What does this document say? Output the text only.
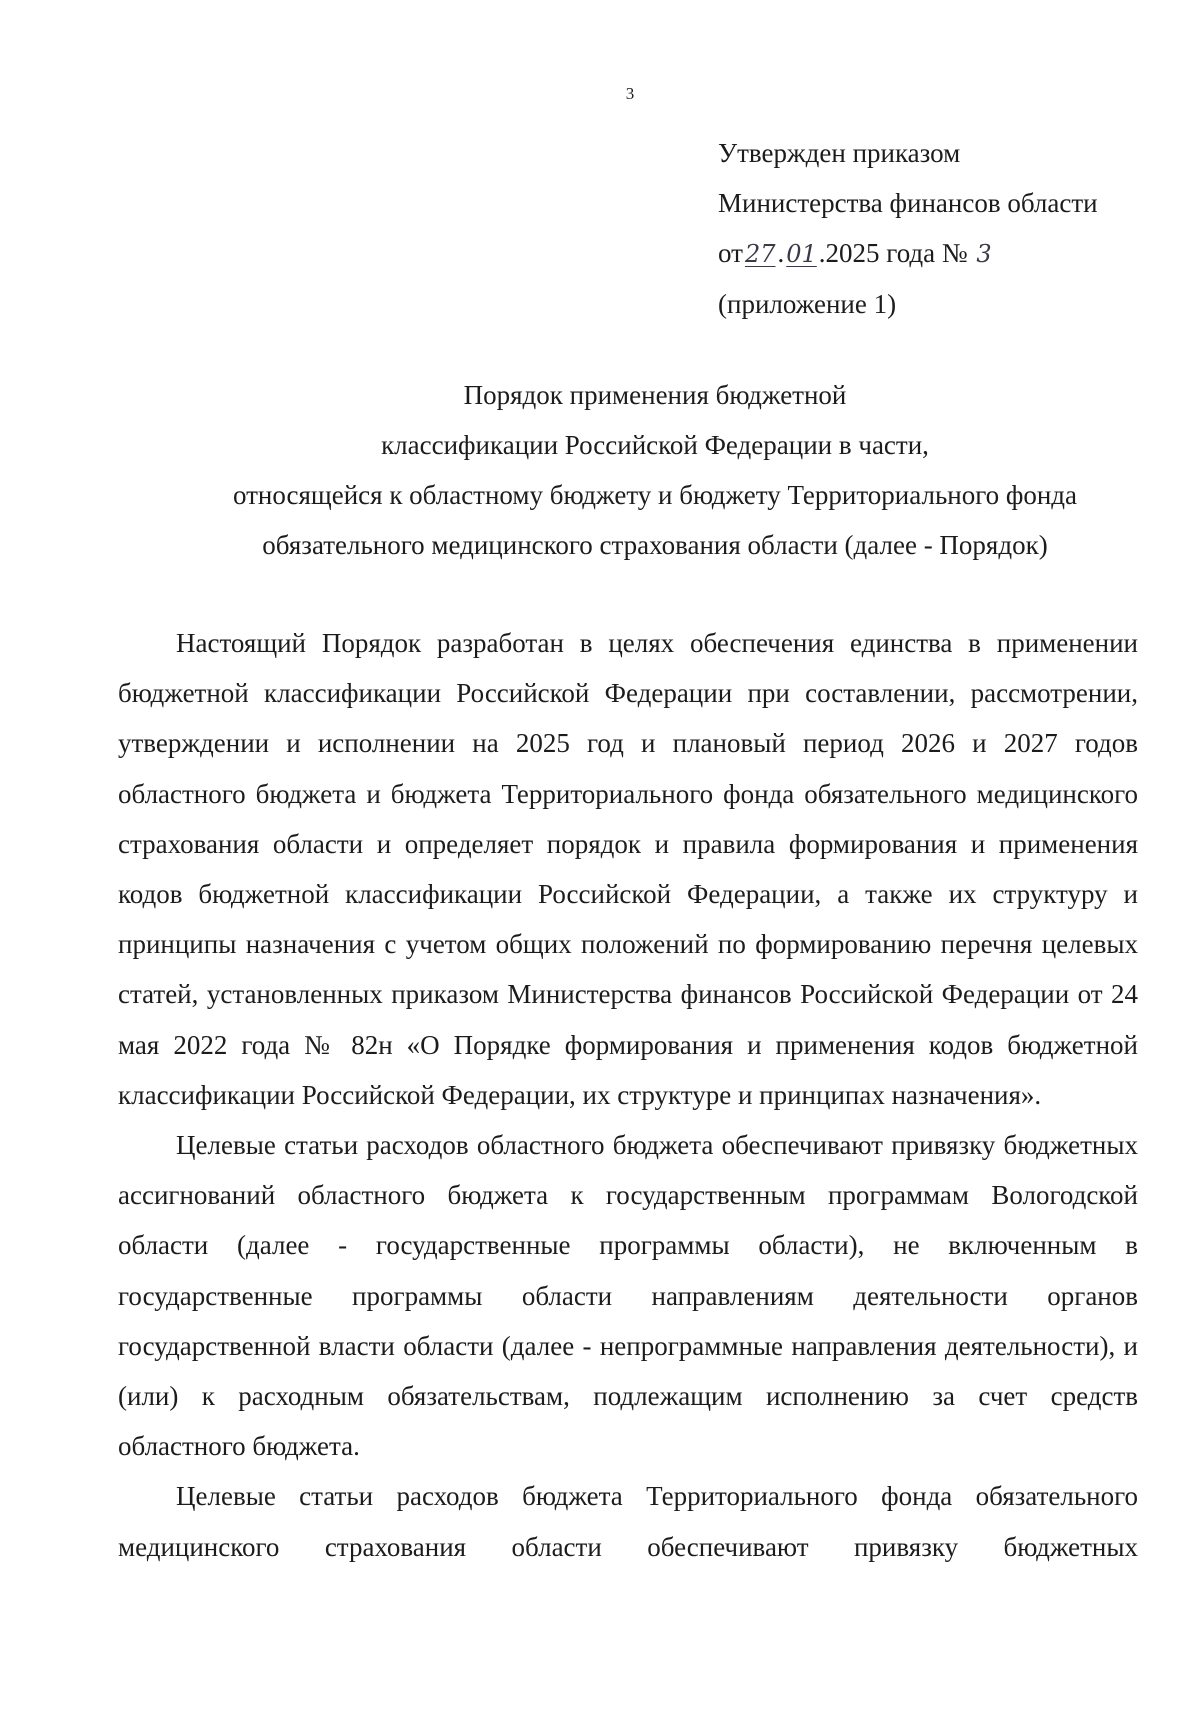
3
Утвержден приказом
Министерства финансов области
от27.01.2025 года № 3
(приложение 1)
Порядок применения бюджетной
классификации Российской Федерации в части,
относящейся к областному бюджету и бюджету Территориального фонда
обязательного медицинского страхования области (далее - Порядок)

Настоящий Порядок разработан в целях обеспечения единства в применении бюджетной классификации Российской Федерации при составлении, рассмотрении, утверждении и исполнении на 2025 год и плановый период 2026 и 2027 годов областного бюджета и бюджета Территориального фонда обязательного медицинского страхования области и определяет порядок и правила формирования и применения кодов бюджетной классификации Российской Федерации, а также их структуру и принципы назначения с учетом общих положений по формированию перечня целевых статей, установленных приказом Министерства финансов Российской Федерации от 24 мая 2022 года № 82н «О Порядке формирования и применения кодов бюджетной классификации Российской Федерации, их структуре и принципах назначения».

Целевые статьи расходов областного бюджета обеспечивают привязку бюджетных ассигнований областного бюджета к государственным программам Вологодской области (далее - государственные программы области), не включенным в государственные программы области направлениям деятельности органов государственной власти области (далее - непрограммные направления деятельности), и (или) к расходным обязательствам, подлежащим исполнению за счет средств областного бюджета.

Целевые статьи расходов бюджета Территориального фонда обязательного медицинского страхования области обеспечивают привязку бюджетных
